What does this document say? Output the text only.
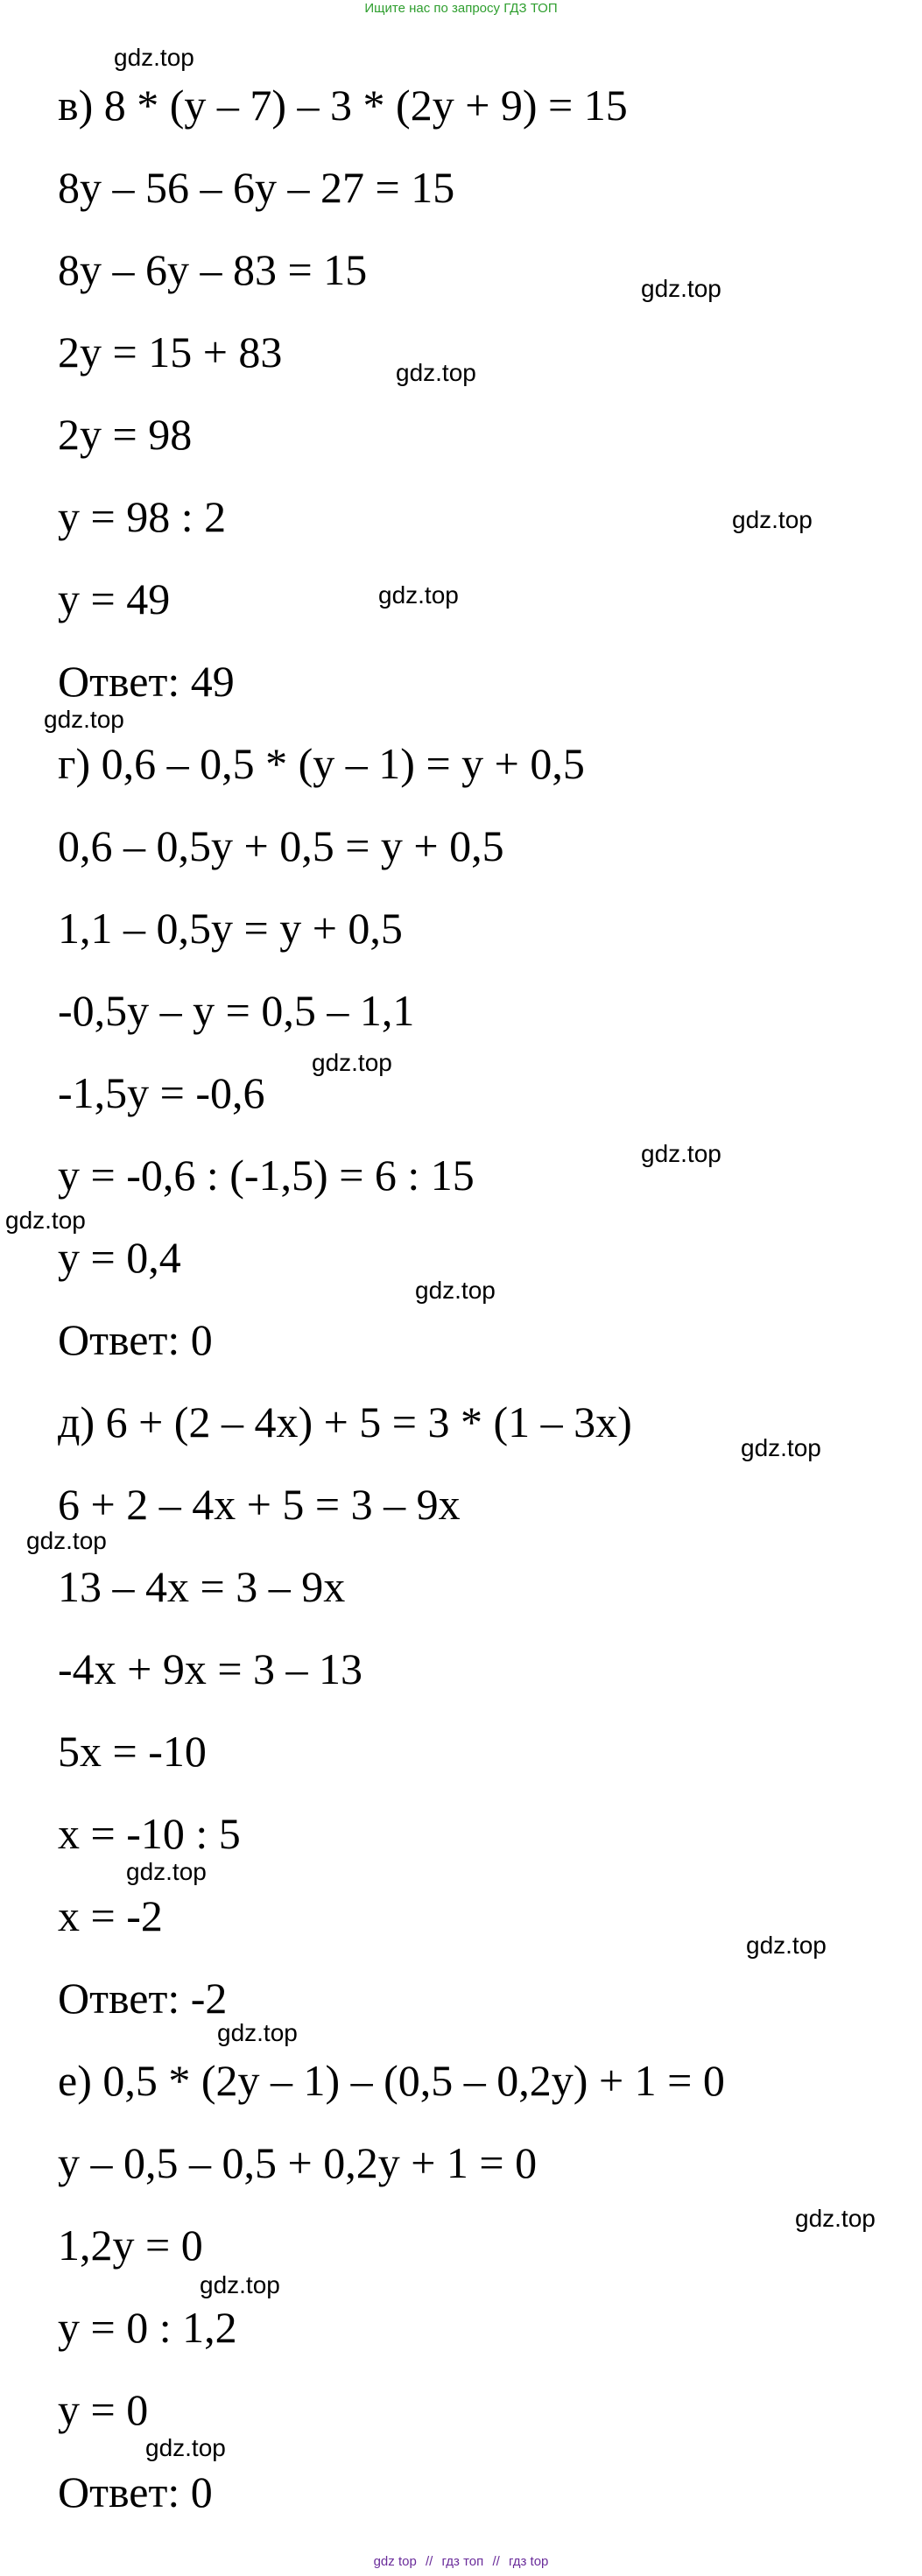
Ищите нас по запросу ГДЗ ТОП
в) 8 * (y – 7) – 3 * (2y + 9) = 15
8y – 56 – 6y – 27 = 15
8y – 6y – 83 = 15
2y = 15 + 83
2y = 98
y = 98 : 2
y = 49
Ответ: 49
г) 0,6 – 0,5 * (y – 1) = y + 0,5
0,6 – 0,5y + 0,5 = y + 0,5
1,1 – 0,5y = y + 0,5
-0,5y – y = 0,5 – 1,1
-1,5y = -0,6
y = -0,6 : (-1,5) = 6 : 15
y = 0,4
Ответ: 0
д) 6 + (2 – 4x) + 5 = 3 * (1 – 3x)
6 + 2 – 4x + 5 = 3 – 9x
13 – 4x = 3 – 9x
-4x + 9x = 3 – 13
5x = -10
x = -10 : 5
x = -2
Ответ: -2
е) 0,5 * (2y – 1) – (0,5 – 0,2y) + 1 = 0
y – 0,5 – 0,5 + 0,2y + 1 = 0
1,2y = 0
y = 0 : 1,2
y = 0
Ответ: 0
gdz.top
gdz.top
gdz.top
gdz.top
gdz.top
gdz.top
gdz.top
gdz.top
gdz.top
gdz.top
gdz.top
gdz.top
gdz.top
gdz.top
gdz.top
gdz.top
gdz.top
gdz.top
gdz top // гдз топ // гдз top
